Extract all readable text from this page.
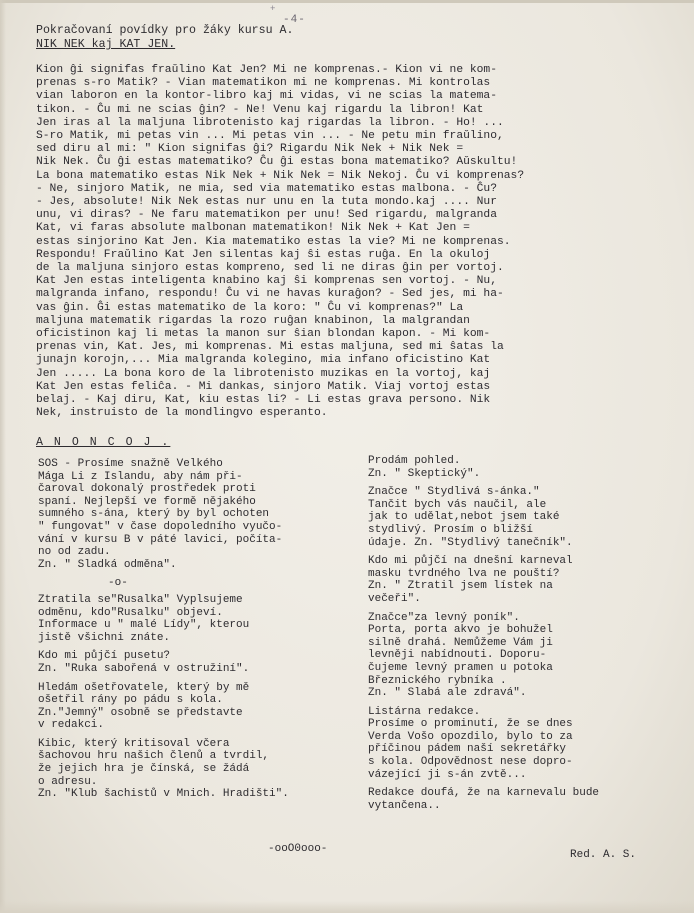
+
-4-
Pokračovaní povídky pro žáky kursu A.
NIK NEK kaj KAT JEN.
Kion ĝi signifas fraŭlino Kat Jen? Mi ne komprenas.- Kion vi ne kom-
prenas s-ro Matik? - Vian matematikon mi ne komprenas. Mi kontrolas
vian laboron en la kontor-libro kaj mi vidas, vi ne scias la matema-
tikon. - Ĉu mi ne scias ĝin? - Ne! Venu kaj rigardu la libron! Kat
Jen iras al la maljuna librotenisto kaj rigardas la libron. - Ho! ...
S-ro Matik, mi petas vin ... Mi petas vin ... - Ne petu min fraŭlino,
sed diru al mi: " Kion signifas ĝi? Rigardu Nik Nek + Nik Nek =
Nik Nek. Ĉu ĝi estas matematiko? Ĉu ĝi estas bona matematiko? Aŭskultu!
La bona matematiko estas Nik Nek + Nik Nek = Nik Nekoj. Ĉu vi komprenas?
- Ne, sinjoro Matik, ne mia, sed via matematiko estas malbona. - Ĉu?
- Jes, absolute! Nik Nek estas nur unu en la tuta mondo.kaj .... Nur
unu, vi diras? - Ne faru matematikon per unu! Sed rigardu, malgranda
Kat, vi faras absolute malbonan matematikon! Nik Nek + Kat Jen =
estas sinjorino Kat Jen. Kia matematiko estas la vie? Mi ne komprenas.
Respondu! Fraŭlino Kat Jen silentas kaj ŝi estas ruĝa. En la okuloj
de la maljuna sinjoro estas kompreno, sed li ne diras ĝin per vortoj.
Kat Jen estas inteligenta knabino kaj ŝi komprenas sen vortoj. - Nu,
malgranda infano, respondu! Ĉu vi ne havas kuraĝon? - Sed jes, mi ha-
vas ĝin. Ĝi estas matematiko de la koro: " Ĉu vi komprenas?" La
maljuna matematik rigardas la rozo ruĝan knabinon, la malgrandan
oficistinon kaj li metas la manon sur ŝian blondan kapon. - Mi kom-
prenas vin, Kat. Jes, mi komprenas. Mi estas maljuna, sed mi ŝatas la
junajn korojn,... Mia malgranda kolegino, mia infano oficistino Kat
Jen ..... La bona koro de la librotenisto muzikas en la vortoj, kaj
Kat Jen estas feliĉa. - Mi dankas, sinjoro Matik. Viaj vortoj estas
belaj. - Kaj diru, Kat, kiu estas li? - Li estas grava persono. Nik
Nek, instruisto de la mondlingvo esperanto.
A N O N C O J .
SOS - Prosíme snažně Velkého
Mága Li z Islandu, aby nám při-
čaroval dokonalý prostředek proti
spaní. Nejlepší ve formě nějakého
sumného s-ána, který by byl ochoten
" fungovat" v čase dopoledního vyučo-
vání v kursu B v páté lavici, počíta-
no od zadu.
Zn. " Sladká odměna".
-o-
Ztratila se"Rusalka" Vyplsujeme
odměnu, kdo"Rusalku" objeví.
Informace u " malé Lídy", kterou
jistě všichni znáte.
Kdo mi půjčí pusetu?
Zn. "Ruka sabořená v ostružiní".
Hledám ošetřovatele, který by mě
ošetřil rány po pádu s kola.
Zn."Jemný" osobně se představte
v redakci.
Kibic, který kritisoval včera
šachovou hru našich členů a tvrdil,
že jejich hra je čínská, se žádá
o adresu.
Zn. "Klub šachistů v Mnich. Hradišti".
Prodám pohled.
Zn. " Skeptický".
Značce " Stydlivá s-ánka."
Tančit bych vás naučil, ale
jak to udělat,nebot jsem také
stydlivý. Prosím o bližší
údaje. Zn. "Stydlivý tanečník".
Kdo mi půjčí na dnešní karneval
masku tvrdného lva ne pouští?
Zn. " Ztratil jsem lístek na
večeři".
Značce"za levný poník".
Porta, porta akvo je bohužel
silně drahá. Nemůžeme Vám ji
levněji nabídnouti. Doporu-
čujeme levný pramen u potoka
Březnického rybníka .
Zn. " Slabá ale zdravá".
Listárna redakce.
Prosíme o prominutí, že se dnes
Verda Vošo opozdilo, bylo to za
příčinou pádem naší sekretářky
s kola. Odpovědnost nese dopro-
vázející ji s-án zvtě...
Redakce doufá, že na karnevalu bude
vytančena..
-ooO0ooo-	Red. A. S.
